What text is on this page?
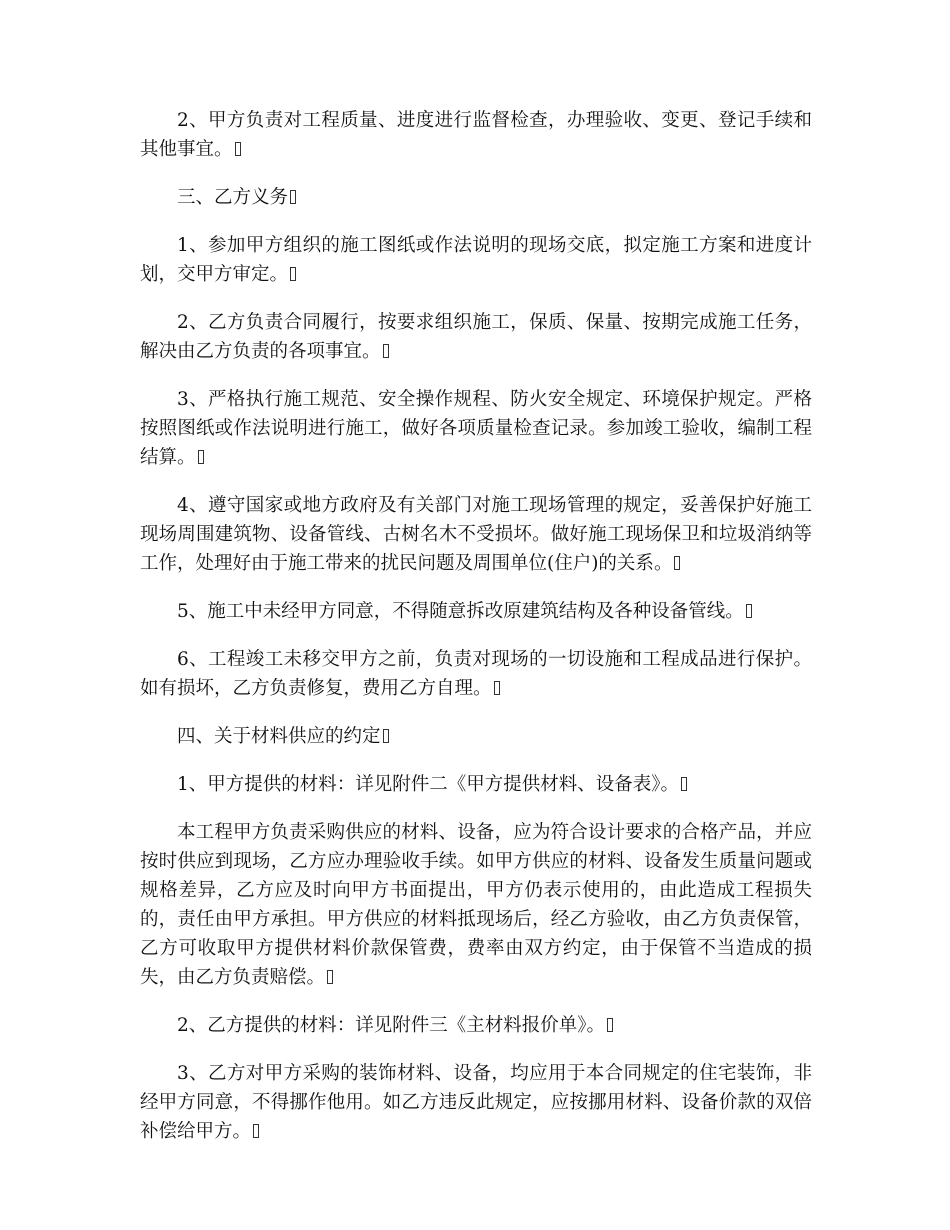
2、甲方负责对工程质量、进度进行监督检查，办理验收、变更、登记手续和其他事宜。

三、乙方义务

1、参加甲方组织的施工图纸或作法说明的现场交底，拟定施工方案和进度计划，交甲方审定。

2、乙方负责合同履行，按要求组织施工，保质、保量、按期完成施工任务，解决由乙方负责的各项事宜。

3、严格执行施工规范、安全操作规程、防火安全规定、环境保护规定。严格按照图纸或作法说明进行施工，做好各项质量检查记录。参加竣工验收，编制工程结算。

4、遵守国家或地方政府及有关部门对施工现场管理的规定，妥善保护好施工现场周围建筑物、设备管线、古树名木不受损坏。做好施工现场保卫和垃圾消纳等工作，处理好由于施工带来的扰民问题及周围单位(住户)的关系。

5、施工中未经甲方同意，不得随意拆改原建筑结构及各种设备管线。

6、工程竣工未移交甲方之前，负责对现场的一切设施和工程成品进行保护。如有损坏，乙方负责修复，费用乙方自理。

四、关于材料供应的约定

1、甲方提供的材料：详见附件二《甲方提供材料、设备表》。

本工程甲方负责采购供应的材料、设备，应为符合设计要求的合格产品，并应按时供应到现场，乙方应办理验收手续。如甲方供应的材料、设备发生质量问题或规格差异，乙方应及时向甲方书面提出，甲方仍表示使用的，由此造成工程损失的，责任由甲方承担。甲方供应的材料抵现场后，经乙方验收，由乙方负责保管，乙方可收取甲方提供材料价款保管费，费率由双方约定，由于保管不当造成的损失，由乙方负责赔偿。

2、乙方提供的材料：详见附件三《主材料报价单》。

3、乙方对甲方采购的装饰材料、设备，均应用于本合同规定的住宅装饰，非经甲方同意，不得挪作他用。如乙方违反此规定，应按挪用材料、设备价款的双倍补偿给甲方。
